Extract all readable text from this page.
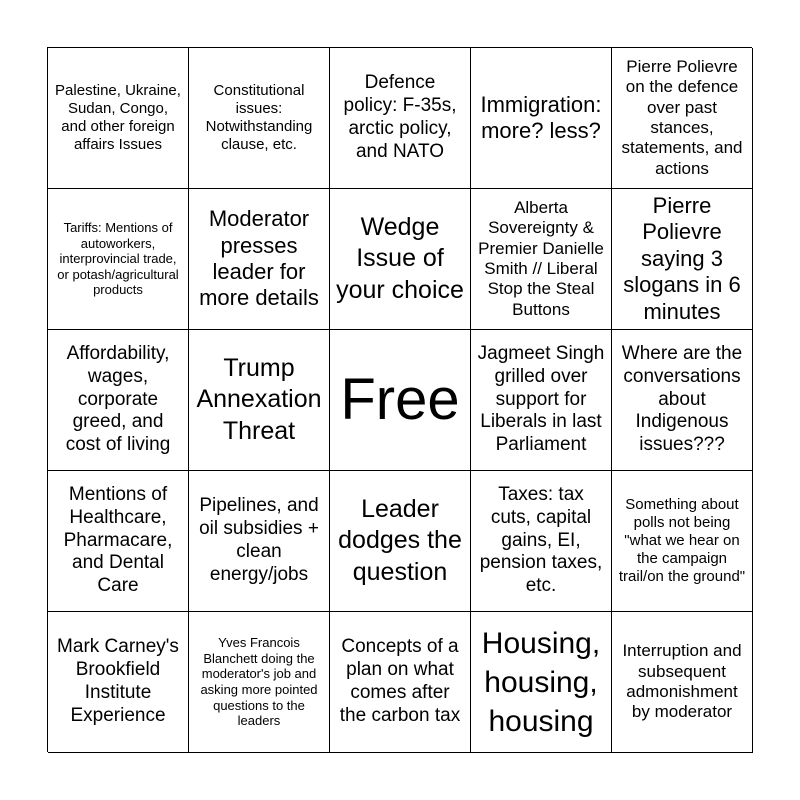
Palestine, Ukraine, Sudan, Congo, and other foreign affairs Issues
Constitutional issues: Notwithstanding clause, etc.
Defence policy: F-35s, arctic policy, and NATO
Immigration: more? less?
Pierre Polievre on the defence over past stances, statements, and actions
Tariffs: Mentions of autoworkers, interprovincial trade, or potash/agricultural products
Moderator presses leader for more details
Wedge Issue of your choice
Alberta Sovereignty & Premier Danielle Smith // Liberal Stop the Steal Buttons
Pierre Polievre saying 3 slogans in 6 minutes
Affordability, wages, corporate greed, and cost of living
Trump Annexation Threat Free
Jagmeet Singh grilled over support for Liberals in last Parliament
Where are the conversations about Indigenous issues???
Mentions of Healthcare, Pharmacare, and Dental Care
Pipelines, and oil subsidies + clean energy/jobs
Leader dodges the question
Taxes: tax cuts, capital gains, EI, pension taxes, etc.
Something about polls not being "what we hear on the campaign trail/on the ground"
Mark Carney's Brookfield Institute Experience
Yves Francois Blanchett doing the moderator's job and asking more pointed questions to the leaders
Concepts of a plan on what comes after the carbon tax
Housing, housing, housing
Interruption and subsequent admonishment by moderator
